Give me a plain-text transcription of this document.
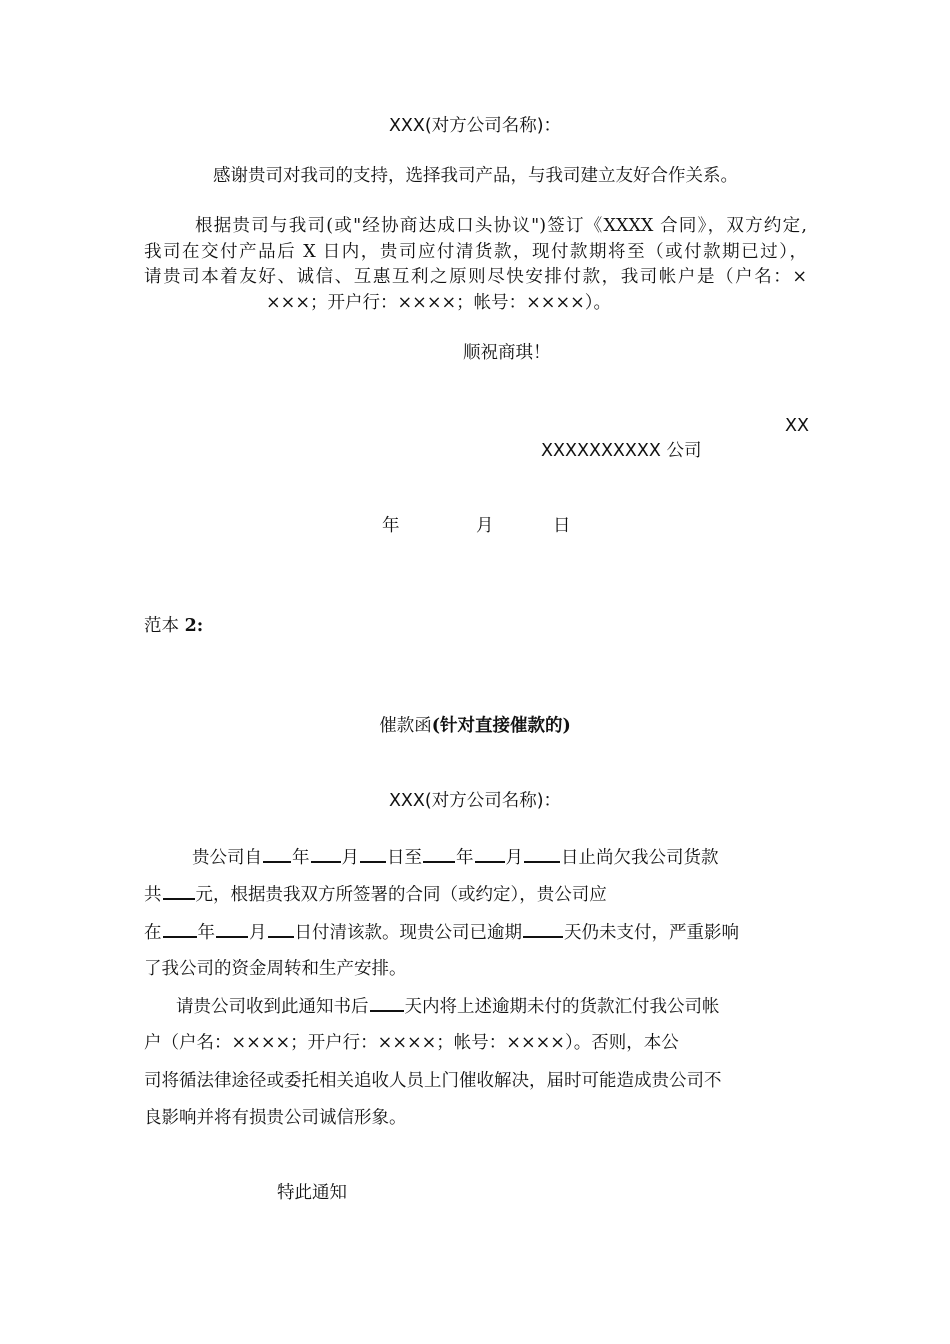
XXX(对方公司名称)：

感谢贵司对我司的支持，选择我司产品，与我司建立友好合作关系。

根据贵司与我司(或"经协商达成口头协议")签订《XXXX 合同》，双方约定,

我司在交付产品后 X 日内，贵司应付清货款，现付款期将至（或付款期已过），

请贵司本着友好、诚信、互惠互利之原则尽快安排付款，我司帐户是（户名：×

×××；开户行：××××；帐号：××××）。

顺祝商琪！

XX

XXXXXXXXXX 公司

年	月	日

范本 2:

催款函(针对直接催款的)

XXX(对方公司名称)：

贵公司自 年 月 日至 年 月 日止尚欠我公司货款

共 元，根据贵我双方所签署的合同（或约定），贵公司应

在 年 月 日付清该款。现贵公司已逾期 天仍未支付，严重影响

了我公司的资金周转和生产安排。

请贵公司收到此通知书后 天内将上述逾期未付的货款汇付我公司帐

户（户名：××××；开户行：××××；帐号：××××）。否则，本公

司将循法律途径或委托相关追收人员上门催收解决，届时可能造成贵公司不

良影响并将有损贵公司诚信形象。

特此通知
